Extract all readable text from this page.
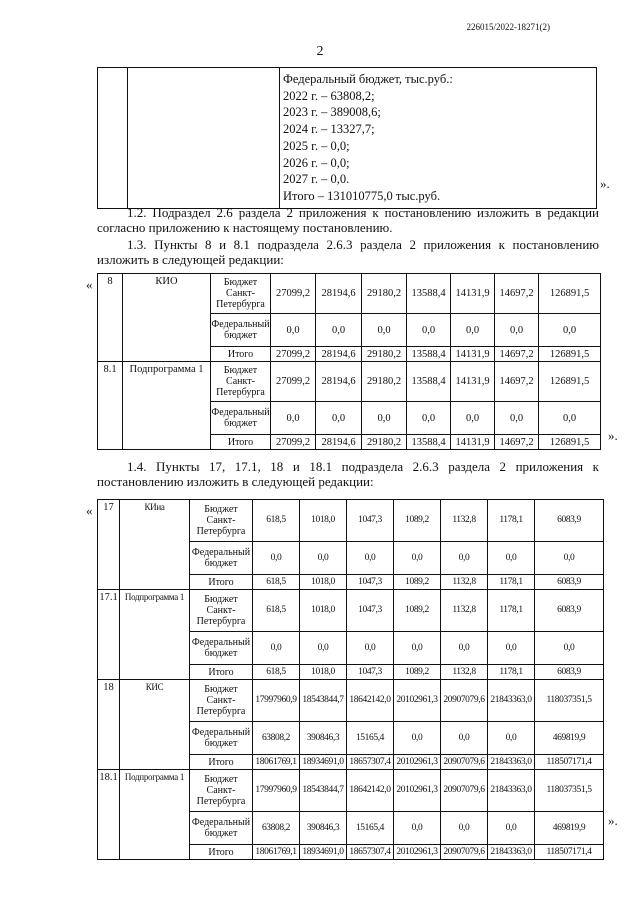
226015/2022-18271(2)
2

Федеральный бюджет, тыс.руб.:
2022 г. – 63808,2;
2023 г. – 389008,6;
2024 г. – 13327,7;
2025 г. – 0,0;
2026 г. – 0,0;
2027 г. – 0,0.
Итого – 131010775,0 тыс.руб.
».
1.2. Подраздел 2.6 раздела 2 приложения к постановлению изложить в редакции согласно приложению к настоящему постановлению.
1.3. Пункты 8 и 8.1 подраздела 2.6.3 раздела 2 приложения к постановлению изложить в следующей редакции:
« 8	КИО	Бюджет Санкт-Петербурга	27099,2	28194,6	29180,2	13588,4	14131,9	14697,2	126891,5
		Федеральный бюджет	0,0	0,0	0,0	0,0	0,0	0,0	0,0
		Итого	27099,2	28194,6	29180,2	13588,4	14131,9	14697,2	126891,5
8.1	Подпрограмма 1	Бюджет Санкт-Петербурга	27099,2	28194,6	29180,2	13588,4	14131,9	14697,2	126891,5
		Федеральный бюджет	0,0	0,0	0,0	0,0	0,0	0,0	0,0
		Итого	27099,2	28194,6	29180,2	13588,4	14131,9	14697,2	126891,5 ».
1.4. Пункты 17, 17.1, 18 и 18.1 подраздела 2.6.3 раздела 2 приложения к постановлению изложить в следующей редакции:
« 17	КИиа	Бюджет Санкт-Петербурга	618,5	1018,0	1047,3	1089,2	1132,8	1178,1	6083,9
		Федеральный бюджет	0,0	0,0	0,0	0,0	0,0	0,0	0,0
		Итого	618,5	1018,0	1047,3	1089,2	1132,8	1178,1	6083,9
17.1	Подпрограмма 1	Бюджет Санкт-Петербурга	618,5	1018,0	1047,3	1089,2	1132,8	1178,1	6083,9
		Федеральный бюджет	0,0	0,0	0,0	0,0	0,0	0,0	0,0
		Итого	618,5	1018,0	1047,3	1089,2	1132,8	1178,1	6083,9
18	КИС	Бюджет Санкт-Петербурга	17997960,9	18543844,7	18642142,0	20102961,3	20907079,6	21843363,0	118037351,5
		Федеральный бюджет	63808,2	390846,3	15165,4	0,0	0,0	0,0	469819,9
		Итого	18061769,1	18934691,0	18657307,4	20102961,3	20907079,6	21843363,0	118507171,4
18.1	Подпрограмма 1	Бюджет Санкт-Петербурга	17997960,9	18543844,7	18642142,0	20102961,3	20907079,6	21843363,0	118037351,5
		Федеральный бюджет	63808,2	390846,3	15165,4	0,0	0,0	0,0	469819,9
		Итого	18061769,1	18934691,0	18657307,4	20102961,3	20907079,6	21843363,0	118507171,4
».
